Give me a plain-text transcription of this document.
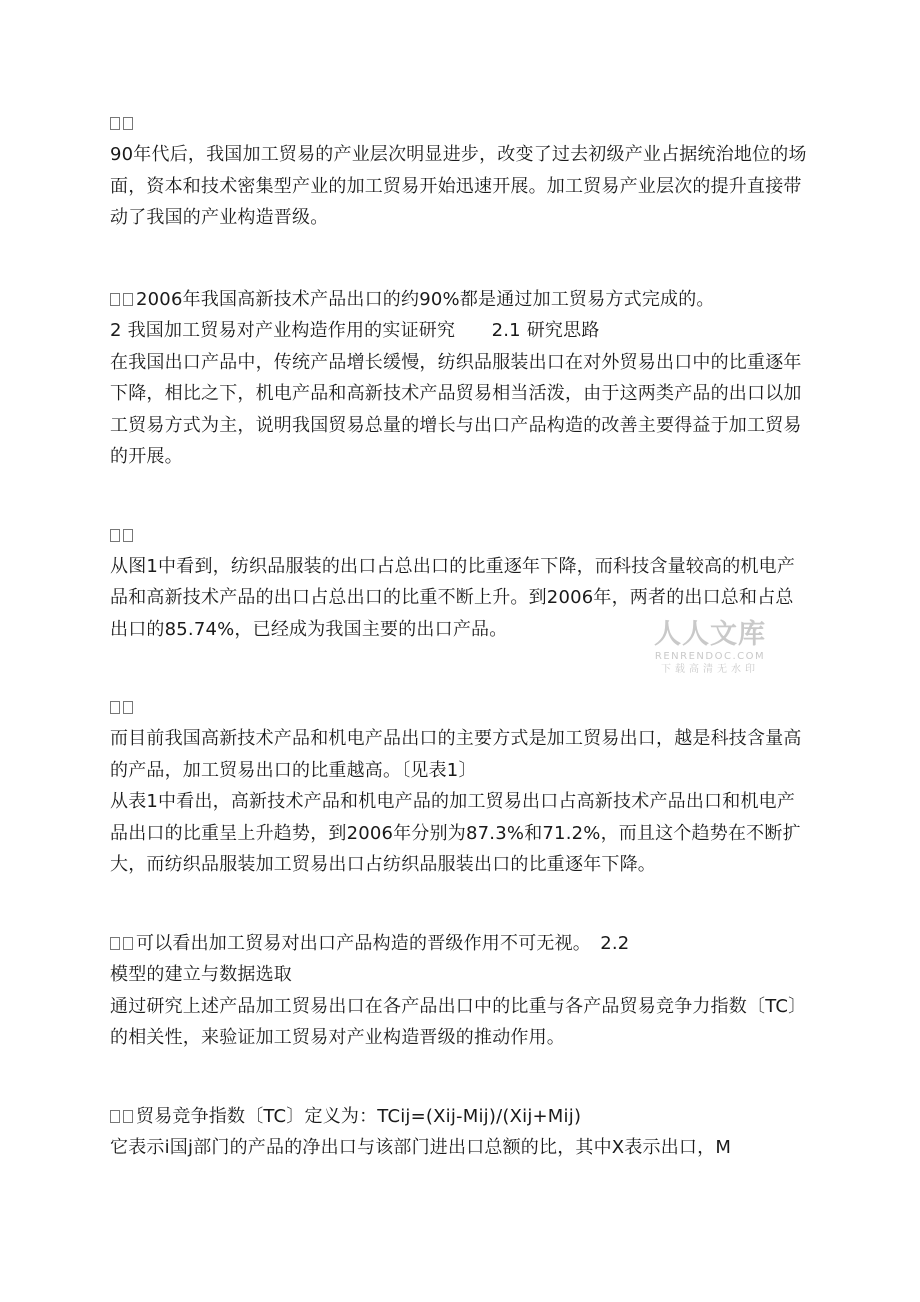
90年代后，我国加工贸易的产业层次明显进步，改变了过去初级产业占据统治地位的场面，资本和技术密集型产业的加工贸易开始迅速开展。加工贸易产业层次的提升直接带动了我国的产业构造晋级。

2006年我国高新技术产品出口的约90%都是通过加工贸易方式完成的。

2 我国加工贸易对产业构造作用的实证研究　　2.1 研究思路

在我国出口产品中，传统产品增长缓慢，纺织品服装出口在对外贸易出口中的比重逐年下降，相比之下，机电产品和高新技术产品贸易相当活泼，由于这两类产品的出口以加工贸易方式为主，说明我国贸易总量的增长与出口产品构造的改善主要得益于加工贸易的开展。

从图1中看到，纺织品服装的出口占总出口的比重逐年下降，而科技含量较高的机电产品和高新技术产品的出口占总出口的比重不断上升。到2006年，两者的出口总和占总出口的85.74%，已经成为我国主要的出口产品。

而目前我国高新技术产品和机电产品出口的主要方式是加工贸易出口，越是科技含量高的产品，加工贸易出口的比重越高。〔见表1〕

从表1中看出，高新技术产品和机电产品的加工贸易出口占高新技术产品出口和机电产品出口的比重呈上升趋势，到2006年分别为87.3%和71.2%，而且这个趋势在不断扩大，而纺织品服装加工贸易出口占纺织品服装出口的比重逐年下降。

可以看出加工贸易对出口产品构造的晋级作用不可无视。　2.2

模型的建立与数据选取

通过研究上述产品加工贸易出口在各产品出口中的比重与各产品贸易竞争力指数〔TC〕的相关性，来验证加工贸易对产业构造晋级的推动作用。

贸易竞争指数〔TC〕定义为：TCij=(Xij-Mij)/(Xij+Mij)

它表示i国j部门的产品的净出口与该部门进出口总额的比，其中X表示出口，M

人人文库
RENRENDOC.COM
下载高清无水印
